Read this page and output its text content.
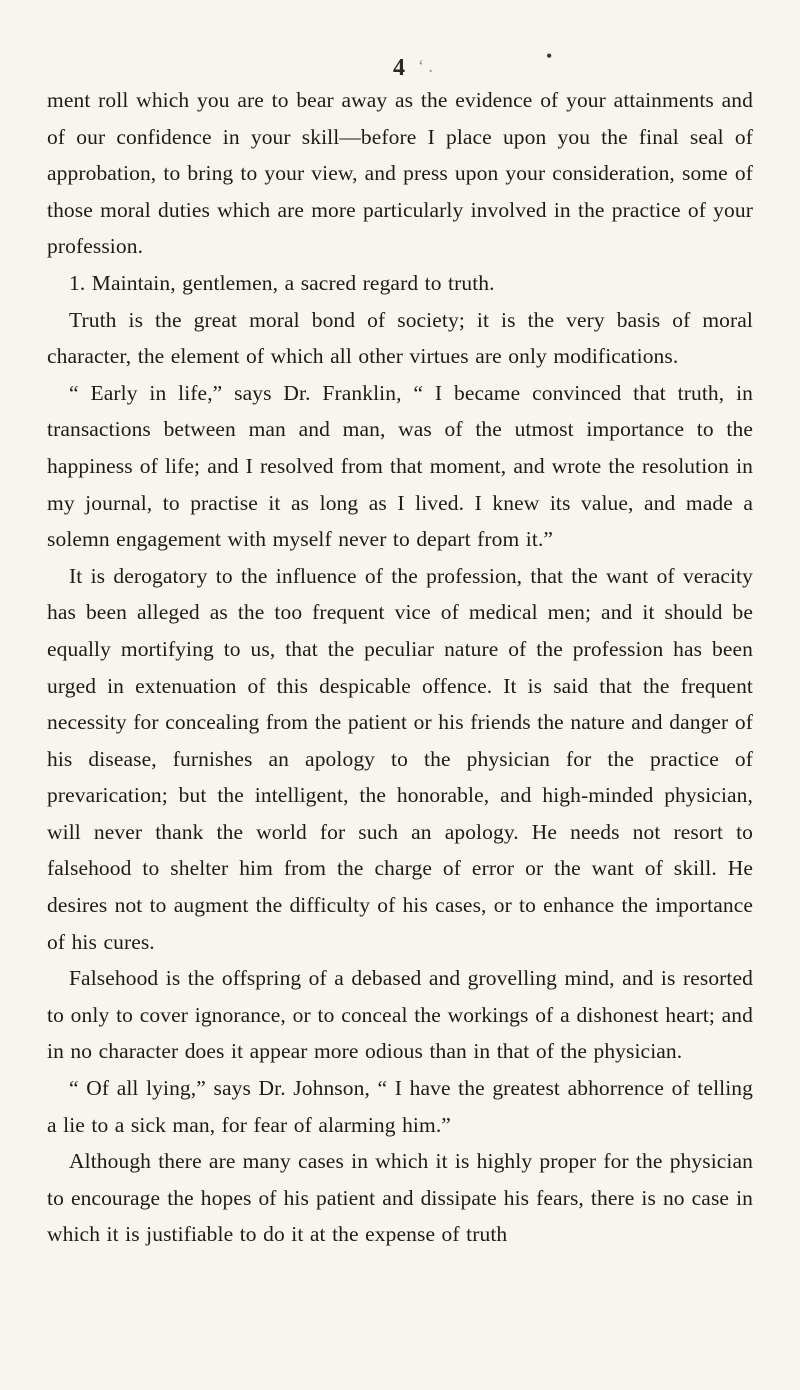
4 ‘ .	•

ment roll which you are to bear away as the evidence of your attainments and of our confidence in your skill—before I place upon you the final seal of approbation, to bring to your view, and press upon your consideration, some of those moral duties which are more particularly involved in the practice of your profession.

1. Maintain, gentlemen, a sacred regard to truth.

Truth is the great moral bond of society; it is the very basis of moral character, the element of which all other virtues are only modifications.

“ Early in life,” says Dr. Franklin, “ I became convinced that truth, in transactions between man and man, was of the utmost importance to the happiness of life; and I resolved from that moment, and wrote the resolution in my journal, to practise it as long as I lived. I knew its value, and made a solemn engagement with myself never to depart from it.”

It is derogatory to the influence of the profession, that the want of veracity has been alleged as the too frequent vice of medical men; and it should be equally mortifying to us, that the peculiar nature of the profession has been urged in extenuation of this despicable offence. It is said that the frequent necessity for concealing from the patient or his friends the nature and danger of his disease, furnishes an apology to the physician for the practice of prevarication; but the intelligent, the honorable, and high-minded physician, will never thank the world for such an apology. He needs not resort to falsehood to shelter him from the charge of error or the want of skill. He desires not to augment the difficulty of his cases, or to enhance the importance of his cures.

Falsehood is the offspring of a debased and grovelling mind, and is resorted to only to cover ignorance, or to conceal the workings of a dishonest heart; and in no character does it appear more odious than in that of the physician.

“ Of all lying,” says Dr. Johnson, “ I have the greatest abhorrence of telling a lie to a sick man, for fear of alarming him.”

Although there are many cases in which it is highly proper for the physician to encourage the hopes of his patient and dissipate his fears, there is no case in which it is justifiable to do it at the expense of truth
